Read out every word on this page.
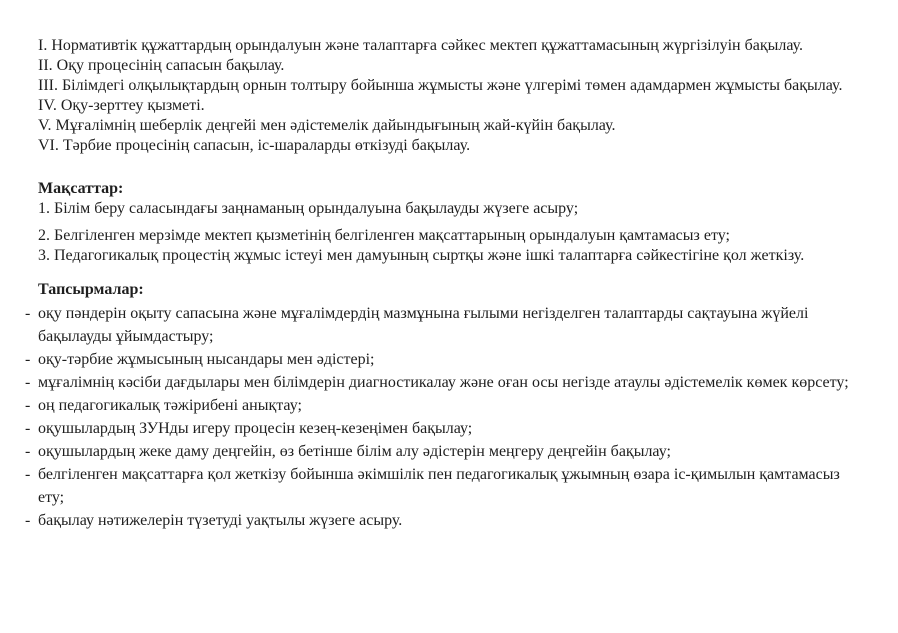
I. Нормативтік құжаттардың орындалуын және талаптарға сәйкес мектеп құжаттамасының жүргізілуін бақылау.

II. Оқу процесінің сапасын бақылау.

III. Білімдегі олқылықтардың орнын толтыру бойынша жұмысты және үлгерімі төмен адамдармен жұмысты бақылау.

IV. Оқу-зерттеу қызметі.

V. Мұғалімнің шеберлік деңгейі мен әдістемелік дайындығының жай-күйін бақылау.

VI. Тәрбие процесінің сапасын, іс-шараларды өткізуді бақылау.

Мақсаттар:

1. Білім беру саласындағы заңнаманың орындалуына бақылауды жүзеге асыру;

2. Белгіленген мерзімде мектеп қызметінің белгіленген мақсаттарының орындалуын қамтамасыз ету;

3. Педагогикалық процестің жұмыс істеуі мен дамуының сыртқы және ішкі талаптарға сәйкестігіне қол жеткізу.

Тапсырмалар:

- оқу пәндерін оқыту сапасына және мұғалімдердің мазмұнына ғылыми негізделген талаптарды сақтауына жүйелі бақылауды ұйымдастыру;
- оқу-тәрбие жұмысының нысандары мен әдістері;
- мұғалімнің кәсіби дағдылары мен білімдерін диагностикалау және оған осы негізде атаулы әдістемелік көмек көрсету;
- оң педагогикалық тәжірибені анықтау;
- оқушылардың ЗУНды игеру процесін кезең-кезеңімен бақылау;
- оқушылардың жеке даму деңгейін, өз бетінше білім алу әдістерін меңгеру деңгейін бақылау;
- белгіленген мақсаттарға қол жеткізу бойынша әкімшілік пен педагогикалық ұжымның өзара іс-қимылын қамтамасыз ету;
- бақылау нәтижелерін түзетуді уақтылы жүзеге асыру.
